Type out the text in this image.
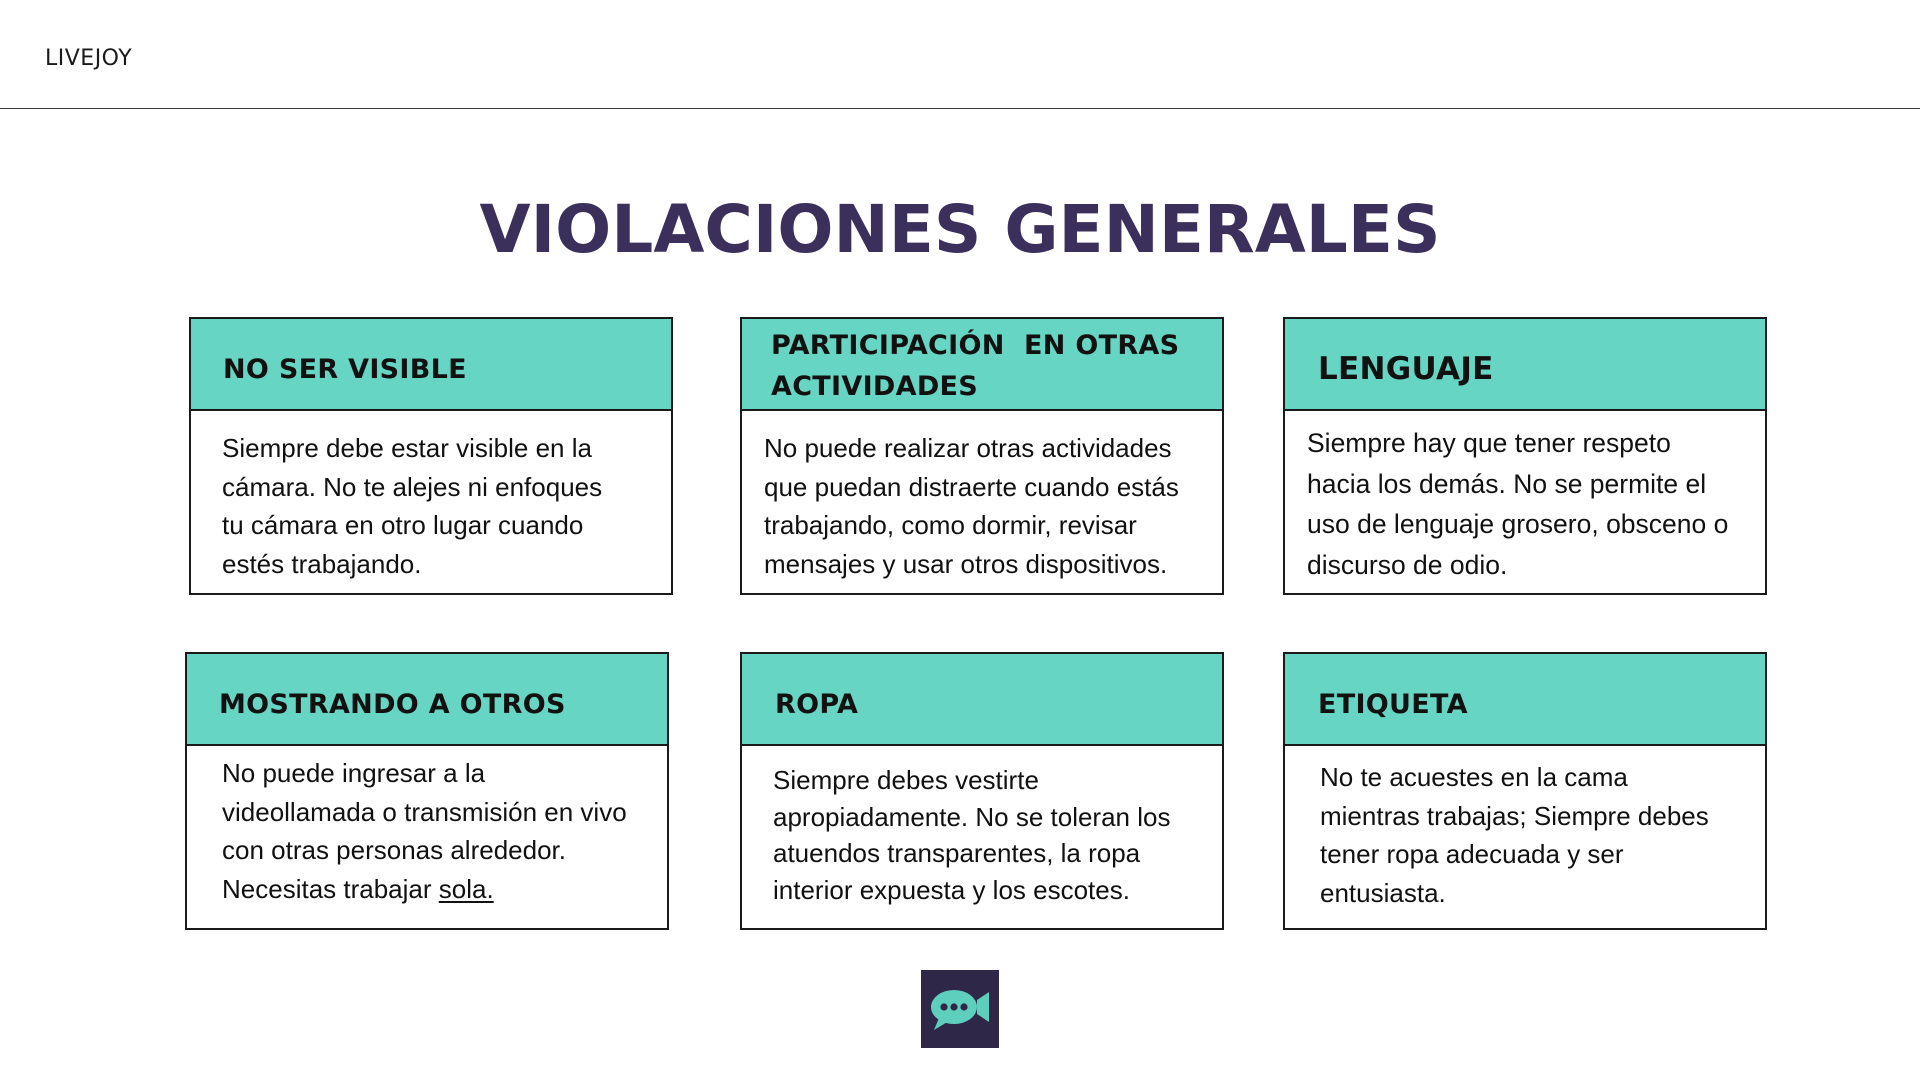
LIVEJOY
VIOLACIONES GENERALES
NO SER VISIBLE
Siempre debe estar visible en la cámara. No te alejes ni enfoques tu cámara en otro lugar cuando estés trabajando.
PARTICIPACIÓN  EN OTRAS
ACTIVIDADES
No puede realizar otras actividades que puedan distraerte cuando estás trabajando, como dormir, revisar mensajes y usar otros dispositivos.
LENGUAJE
Siempre hay que tener respeto hacia los demás. No se permite el uso de lenguaje grosero, obsceno o discurso de odio.
MOSTRANDO A OTROS
No puede ingresar a la videollamada o transmisión en vivo con otras personas alrededor. Necesitas trabajar sola.
ROPA
Siempre debes vestirte apropiadamente. No se toleran los atuendos transparentes, la ropa interior expuesta y los escotes.
ETIQUETA
No te acuestes en la cama mientras trabajas; Siempre debes tener ropa adecuada y ser entusiasta.
